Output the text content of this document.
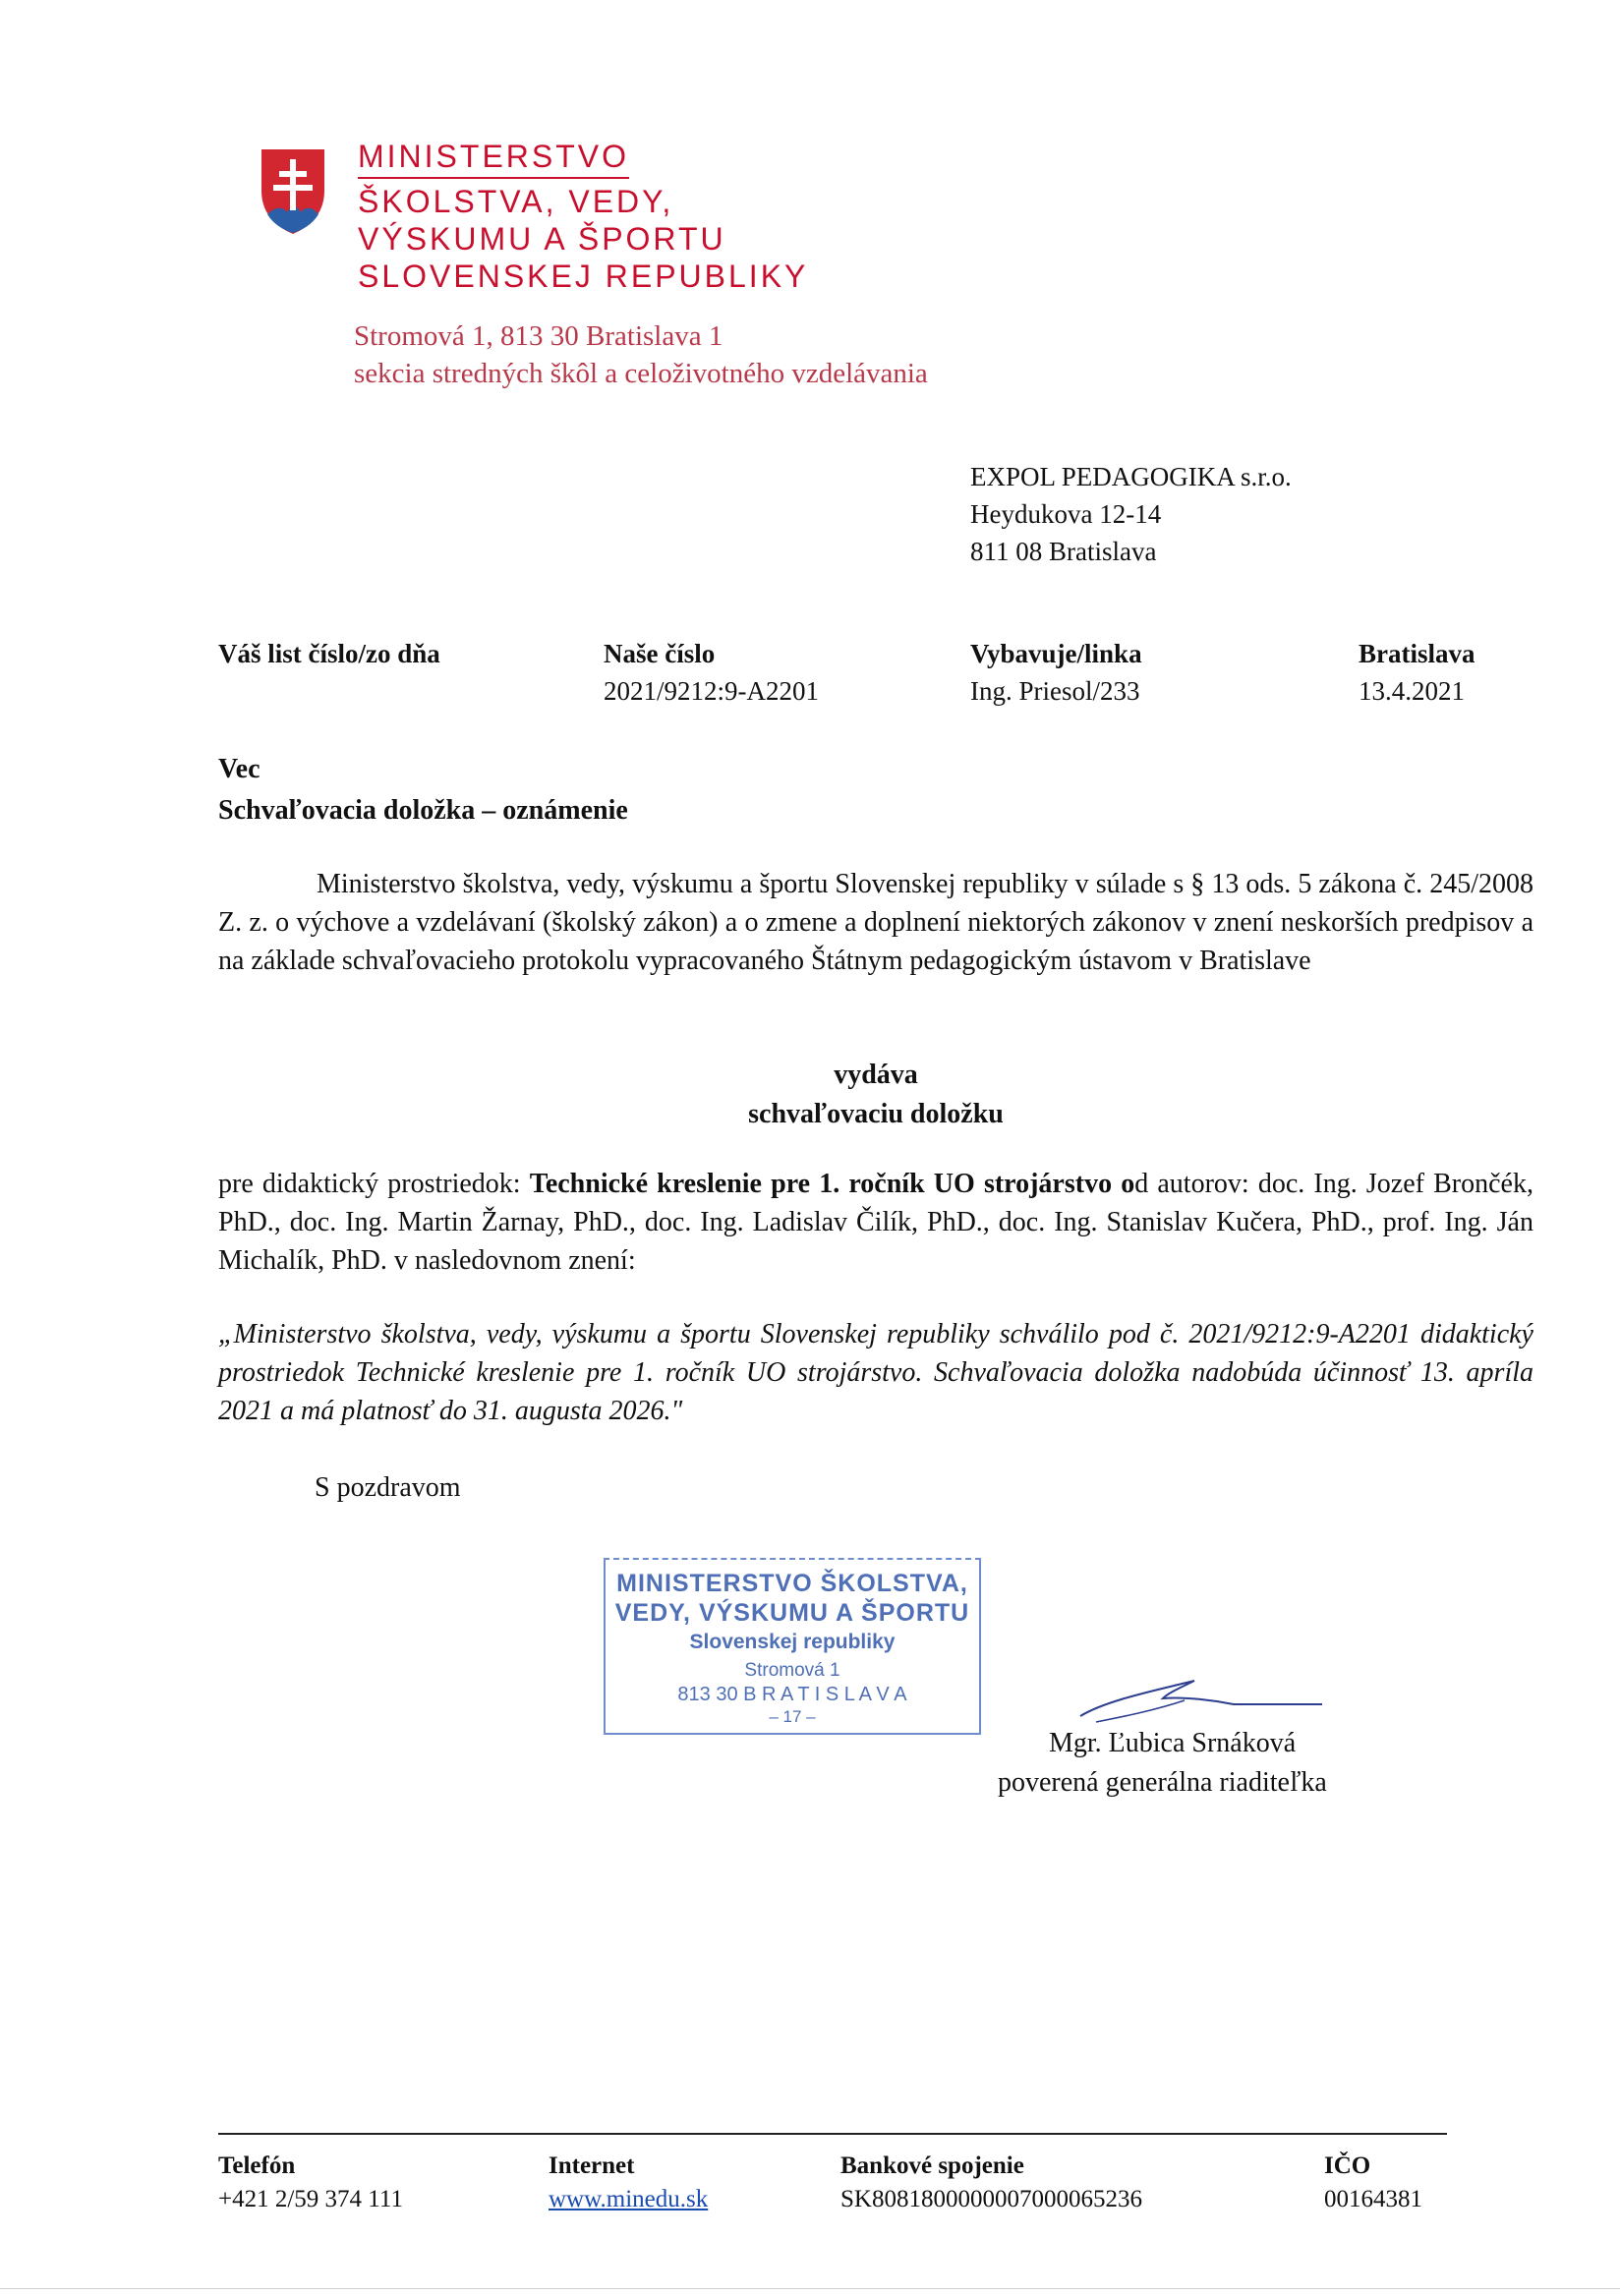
MINISTERSTVO
ŠKOLSTVA, VEDY,
VÝSKUMU A ŠPORTU
SLOVENSKEJ REPUBLIKY
Stromová 1, 813 30 Bratislava 1
sekcia stredných škôl a celoživotného vzdelávania
EXPOL PEDAGOGIKA s.r.o.
Heydukova 12-14
811 08 Bratislava
Váš list číslo/zo dňa	Naše číslo
2021/9212:9-A2201
Vybavuje/linka
Ing. Priesol/233
Bratislava
13.4.2021
Vec
Schvaľovacia doložka – oznámenie
Ministerstvo školstva, vedy, výskumu a športu Slovenskej republiky v súlade s § 13 ods. 5 zákona č. 245/2008 Z. z. o výchove a vzdelávaní (školský zákon) a o zmene a doplnení niektorých zákonov v znení neskorších predpisov a na základe schvaľovacieho protokolu vypracovaného Štátnym pedagogickým ústavom v Bratislave
vydáva
schvaľovaciu doložku
pre didaktický prostriedok: Technické kreslenie pre 1. ročník UO strojárstvo od autorov: doc. Ing. Jozef Brončék, PhD., doc. Ing. Martin Žarnay, PhD., doc. Ing. Ladislav Čilík, PhD., doc. Ing. Stanislav Kučera, PhD., prof. Ing. Ján Michalík, PhD. v nasledovnom znení:
„Ministerstvo školstva, vedy, výskumu a športu Slovenskej republiky schválilo pod č. 2021/9212:9-A2201 didaktický prostriedok Technické kreslenie pre 1. ročník UO strojárstvo. Schvaľovacia doložka nadobúda účinnosť 13. apríla 2021 a má platnosť do 31. augusta 2026."
S pozdravom
MINISTERSTVO ŠKOLSTVA,
VEDY, VÝSKUMU A ŠPORTU
Slovenskej republiky
Stromová 1
813 30 B R A T I S L A V A
– 17 –
Mgr. Ľubica Srnáková
poverená generálna riaditeľka
Telefón
+421 2/59 374 111
Internet
www.minedu.sk
Bankové spojenie
SK8081800000007000065236
IČO
00164381
